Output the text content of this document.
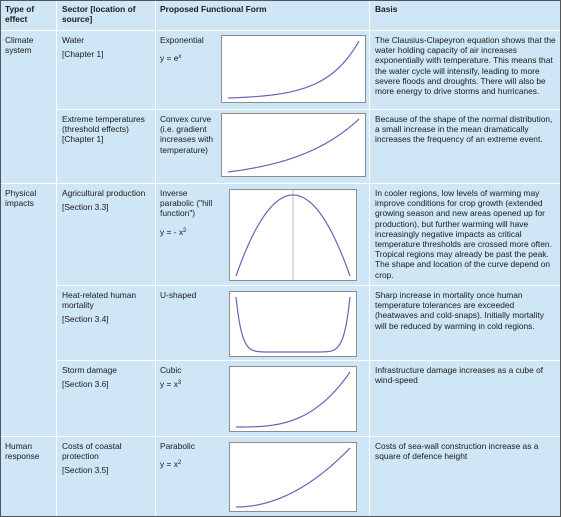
Type of effect
Sector [location of source]
Proposed Functional Form	Basis
Climate system
Physical impacts
Human response

Water

[Chapter 1]

Exponential

$y = e^x$

The Clausius-Clapeyron equation shows that the water holding capacity of air increases exponentially with temperature. This means that the water cycle will intensify, leading to more severe floods and droughts. There will also be more energy to drive storms and hurricanes.

Extreme temperatures (threshold effects)

[Chapter 1]

Convex curve (i.e. gradient increases with temperature)

Because of the shape of the normal distribution, a small increase in the mean dramatically increases the frequency of an extreme event.

Agricultural production

[Section 3.3]

Inverse parabolic ("hill function")

y = - $x^2$

In cooler regions, low levels of warming may improve conditions for crop growth (extended growing season and new areas opened up for production), but further warming will have increasingly negative impacts as critical temperature thresholds are crossed more often. Tropical regions may already be past the peak. The shape and location of the curve depend on crop.

Heat-related human mortality

[Section 3.4]

U-shaped	Sharp increase in mortality once human temperature tolerances are exceeded (heatwaves and cold-snaps). Initially mortality will be reduced by warming in cold regions.

Storm damage

[Section 3.6]

Cubic

$y = x^3$

Infrastructure damage increases as a cube of wind-speed

Costs of coastal protection

[Section 3.5]

Parabolic

$y = x^2$

Costs of sea-wall construction increase as a square of defence height
